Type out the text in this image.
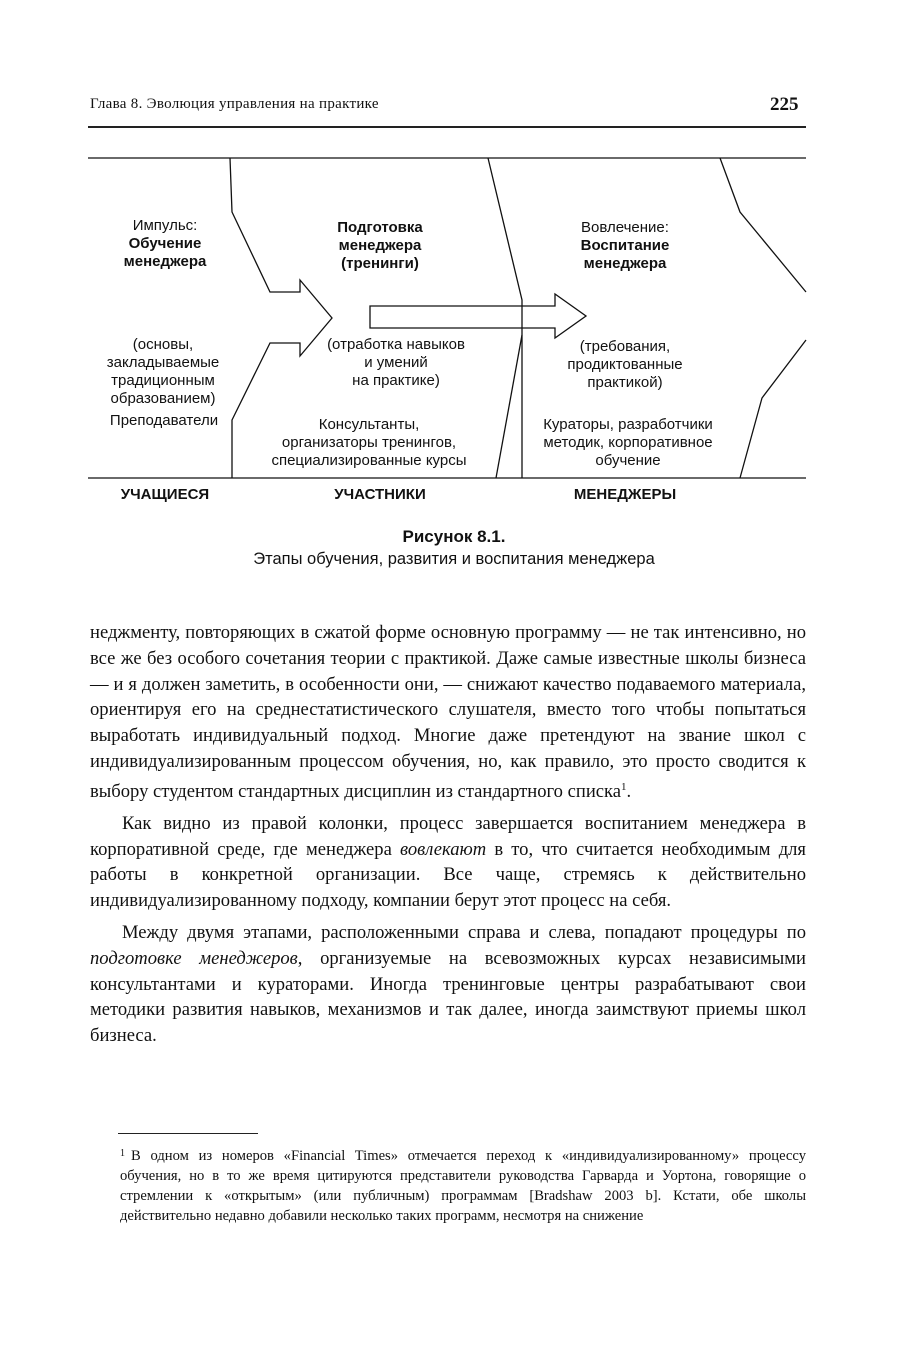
Глава 8. Эволюция управления на практике	225
Импульс:
Обучение
менеджера
(основы,
закладываемые
традиционным
образованием)
Преподаватели
УЧАЩИЕСЯ
Подготовка
менеджера
(тренинги)
(отработка навыков
и умений
на практике)
Консультанты,
организаторы тренингов,
специализированные курсы
УЧАСТНИКИ
Вовлечение:
Воспитание
менеджера
(требования,
продиктованные
практикой)
Кураторы, разработчики
методик, корпоративное
обучение
МЕНЕДЖЕРЫ
Рисунок 8.1.
Этапы обучения, развития и воспитания менеджера

неджменту, повторяющих в сжатой форме основную программу — не так интенсивно, но все же без особого сочетания теории с практикой. Даже самые известные школы бизнеса — и я должен заметить, в особенности они, — снижают качество подаваемого материала, ориентируя его на среднестатистического слушателя, вместо того чтобы попытаться выработать индивидуальный подход. Многие даже претендуют на звание школ с индивидуализированным процессом обучения, но, как правило, это просто сводится к выбору студентом стандартных дисциплин из стандартного списка$^1$.

Как видно из правой колонки, процесс завершается воспитанием менеджера в корпоративной среде, где менеджера вовлекают в то, что считается необходимым для работы в конкретной организации. Все чаще, стремясь к действительно индивидуализированному подходу, компании берут этот процесс на себя.

Между двумя этапами, расположенными справа и слева, попадают процедуры по подготовке менеджеров, организуемые на всевозможных курсах независимыми консультантами и кураторами. Иногда тренинговые центры разрабатывают свои методики развития навыков, механизмов и так далее, иногда заимствуют приемы школ бизнеса.

$^1$ В одном из номеров «Financial Times» отмечается переход к «индивидуализированному» процессу обучения, но в то же время цитируются представители руководства Гарварда и Уортона, говорящие о стремлении к «открытым» (или публичным) программам [Bradshaw 2003 b]. Кстати, обе школы действительно недавно добавили несколько таких программ, несмотря на снижение
